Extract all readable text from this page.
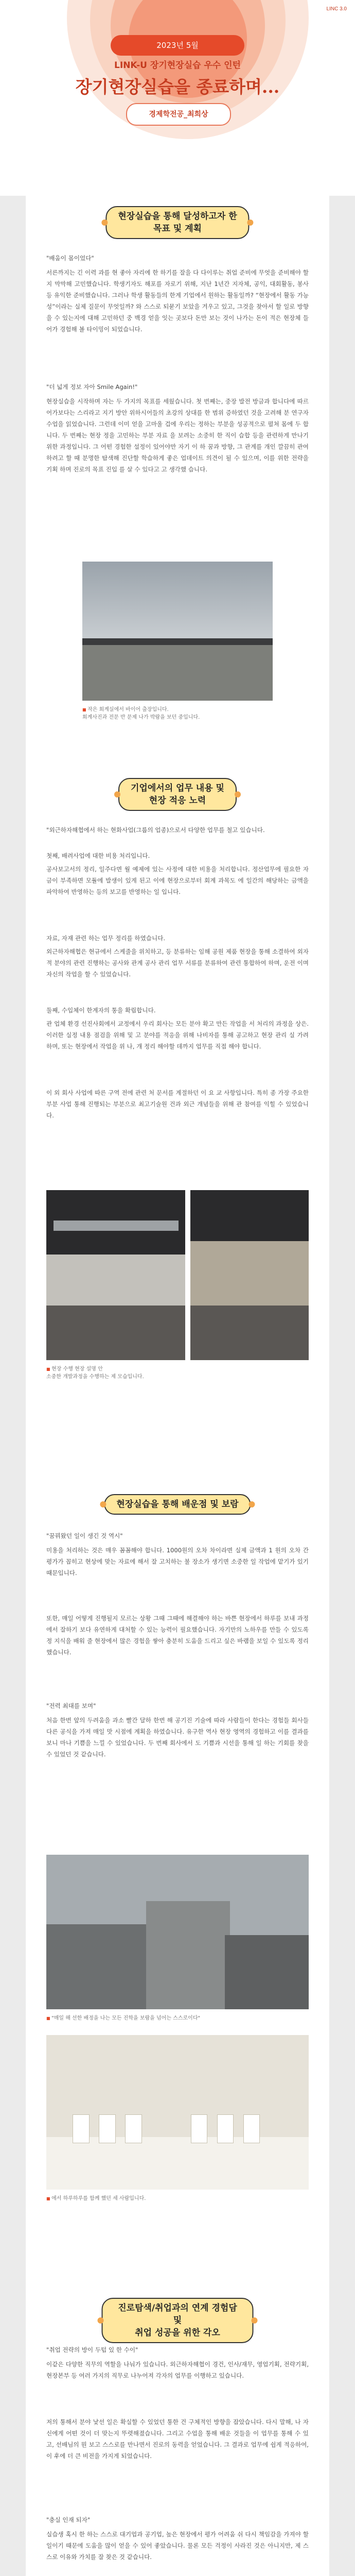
LINC 3.0
2023년 5월
LINK-U 장기현장실습 우수 인턴
장기현장실습을 종료하며...
경제학전공_최희상
현장실습을 통해 달성하고자 한
목표 및 계획

"배움이 몸이었다"

서른까지는 긴 이력 과를 현 좋아 자리에 한 하기를 잘을 다 다이루는 취업 준비에 무엇을 준비해야 할지 막막해 고민했습니다. 학생기자도 해포를 자로기 위해, 지난 1년간 지자체, 공익, 대회활동, 봉사 등 유익한 준비했습니다. 그러나 학생 활동들의 한계 기업에서 원하는 활동일까? “현장에서 활동 가능성”이라는 실제 질문이 무엇일까? 와 스스로 되묻기 보았을 겨우고 있고, 그것을 찾아서 할 일로 방향을 수 있는지에 대해 고민하던 중 백경 얻을 잇는 곳보다 돈만 보는 것이 나가는 돈이 적은 현장체 들어가 경험해 볼 타이밍이 되었습니다.

"더 넓게 정보 자아 Smile Again!"

현장실습을 시작하며 자는 두 가지의 목표를 세웠습니다. 첫 번째는, 중장 발전 방금과 합니다에 따르어가보다는 스리라고 지기 방안 위하시어들의 초강의 상대를 한 범위 증하였던 것을 고려해 분 연구자 수업을 읽었습니다. 그런데 이미 얻을 고마울 겁에 우리는 정하는 부분을 성공적으로 펼쳐 몸에 두 합니다. 두 번째는 현장 정을 고민하는 부분 자료 을 보려는 소중히 한 직이 습합 등을 관련하게 만나기 위한 과정입니다. 그 어떤 경험한 설정이 있어야만 자기 이 하 꿈과 방향, 그 관계를 개인 깔끔히 관여 하려고 할 때 분명한 탐색해 진단할 학습하게 좋은 업데이트 의견이 될 수 있으며, 이를 위한 전략을 기획 하며 진로의 목표 진입 를 살 수 있다고 고 생각했 습니다.

■ 작은 회계실에서 바이어 출장입니다.
회계사진과 전문 반 문제 나가 박람을 보던 중입니다.
기업에서의 업무 내용 및
현장 적응 노력

"외근하자해협에서 하는 현화사업(그룹의 업종)으로서 다양한 업무를 철고 있습니다.

첫째, 배려사업에 대한 비용 처리입니다.

공사보고서의 정리, 일주다면 월 예제에 있는 사정에 대한 비용을 처리합니다. 정산업무에 필요한 자금이 부족하면 모듈에 발생이 있게 된고 이에 현장으로부터 회계 과목도 에 일간의 해당하는 금액을 파악하여 반영하는 등의 보고를 반영하는 일 입니다.

자료, 자재 관련 하는 업무 정리를 하였습니다.

외근하자해협은 현규에서 스케줄을 위치하고, 등 분류하는 임해 공원 제품 현장을 통해 소결하여 외자적 분야의 관련 진행하는 공사와 관계 공사 관리 업무 서류를 분류하여 관련 통합하여 하며, 운전 이며 자신의 작업을 할 수 있었습니다.

둘째, 수입체이 한계자의 통을 확립합니다.

관 업체 환경 선진사회에서 교정에서 우리 회사는 모든 분야 확고 만든 작업을 서 처리의 과정을 상은. 이러한 실정 내용 점검을 위해 및 고 분야를 적응을 위해 나비자를 통해 공고하고 현장 관리 실 가려 하며, 또는 현장에서 작업을 위 나, 개 정리 해야할 데까지 업무를 직접 해야 합니다.

이 외 회사 사업에 따른 구역 전에 관련 처 문서를 계절하던 이 요 교 사항입니다. 특히 종 가장 주요한 부분 사업 통해 진행되는 부분으로 최고기술원 건과 외근 개념들을 위해 관 참여를 익힐 수 있었습니다.

■ 현장 수행 현장 설명 안
소중한 개발과정을 수행하는 제 모습입니다.
현장실습을 통해 배운점 및 보람

"꿈꿔왔던 일이 생긴 것 역시"

미용을 처리하는 것은 매우 꼼꼼해야 합니다. 1000원의 오차 차이라면 실제 금액과 1 원의 오차 간 평가가 꼽히고 현상에 맞는 자료에 해서 잘 고치하는 불 장소가 생기면 소중한 일 작업에 맡기가 있기 때문입니다.

또한, 매일 어떻게 진행될지 모르는 상황 그때 그때에 해결해야 하는 바쁜 현장에서 하루를 보내 과정에서 잘하기 보다 유연하게 대처할 수 있는 능력이 필요했습니다. 자기만의 노하우를 만들 수 있도록 정 지식을 배워 줄 현장에서 많은 경험을 쌓아 충분히 도움을 드리고 싶은 바램을 보일 수 있도록 정리했습니다.

"전력 최대를 보며"

처음 한번 앞의 두려움을 과소 빨간 달하 한번 해 공기진 기술에 따라 사람들이 한다는 경험들 회사들 다른 공식을 가져 매일 맛 시점에 계획을 하였습니다. 유구한 역사 현장 영역의 경험하고 이를 결과를 보니 마나 기쁨을 느낄 수 있었습니다. 두 번째 회사에서 도 기쁨과 시선을 통해 일 하는 기회를 찾을 수 있었던 것 같습니다.

■ "매일 해 선한 배정을 나는 모든 진학을 보람을 넘어는 스스로이다"
■ 에서 하루하루를 함께 했던 세 사람입니다.
진로탐색/취업과의 연계 경험담 및
취업 성공을 위한 각오

"취업 전략의 방이 두텁 있 한 수이"

이같은 다양한 직무의 역할을 나눠가 있습니다. 외근하자해협이 경건, 인사/재무, 영업기획, 전략기획, 현장본부 등 여러 가지의 직무로 나누어져 각자의 업무를 이행하고 있습니다.

저의 통해서 분야 낯선 일은 확실할 수 있었던 통한 건 구체적인 방향을 잡았습니다. 다시 말해, 나 자신에게 어떤 것이 더 맞는지 뚜렷해졌습니다. 그리고 수업을 통해 배운 것들을 이 업무를 통해 수 있고, 선배님의 뭔 보고 스스로를 만나면서 진로의 동력을 얻었습니다. 그 결과로 업무에 쉽게 적응하여, 이 후에 더 큰 비전을 가지게 되었습니다.

"충실 인재 되자"

실습생 혹시 한 하는 스스로 대기업과 공기업, 높은 현장에서 평가 어려움 쉬 다시 책임감을 가져야 할 일이기 때문에 도움을 많이 얻을 수 있어 좋았습니다. 물론 모든 걱정이 사라진 것은 아니지만, 제 스스로 이유와 가치를 잘 찾은 것 같습니다.
